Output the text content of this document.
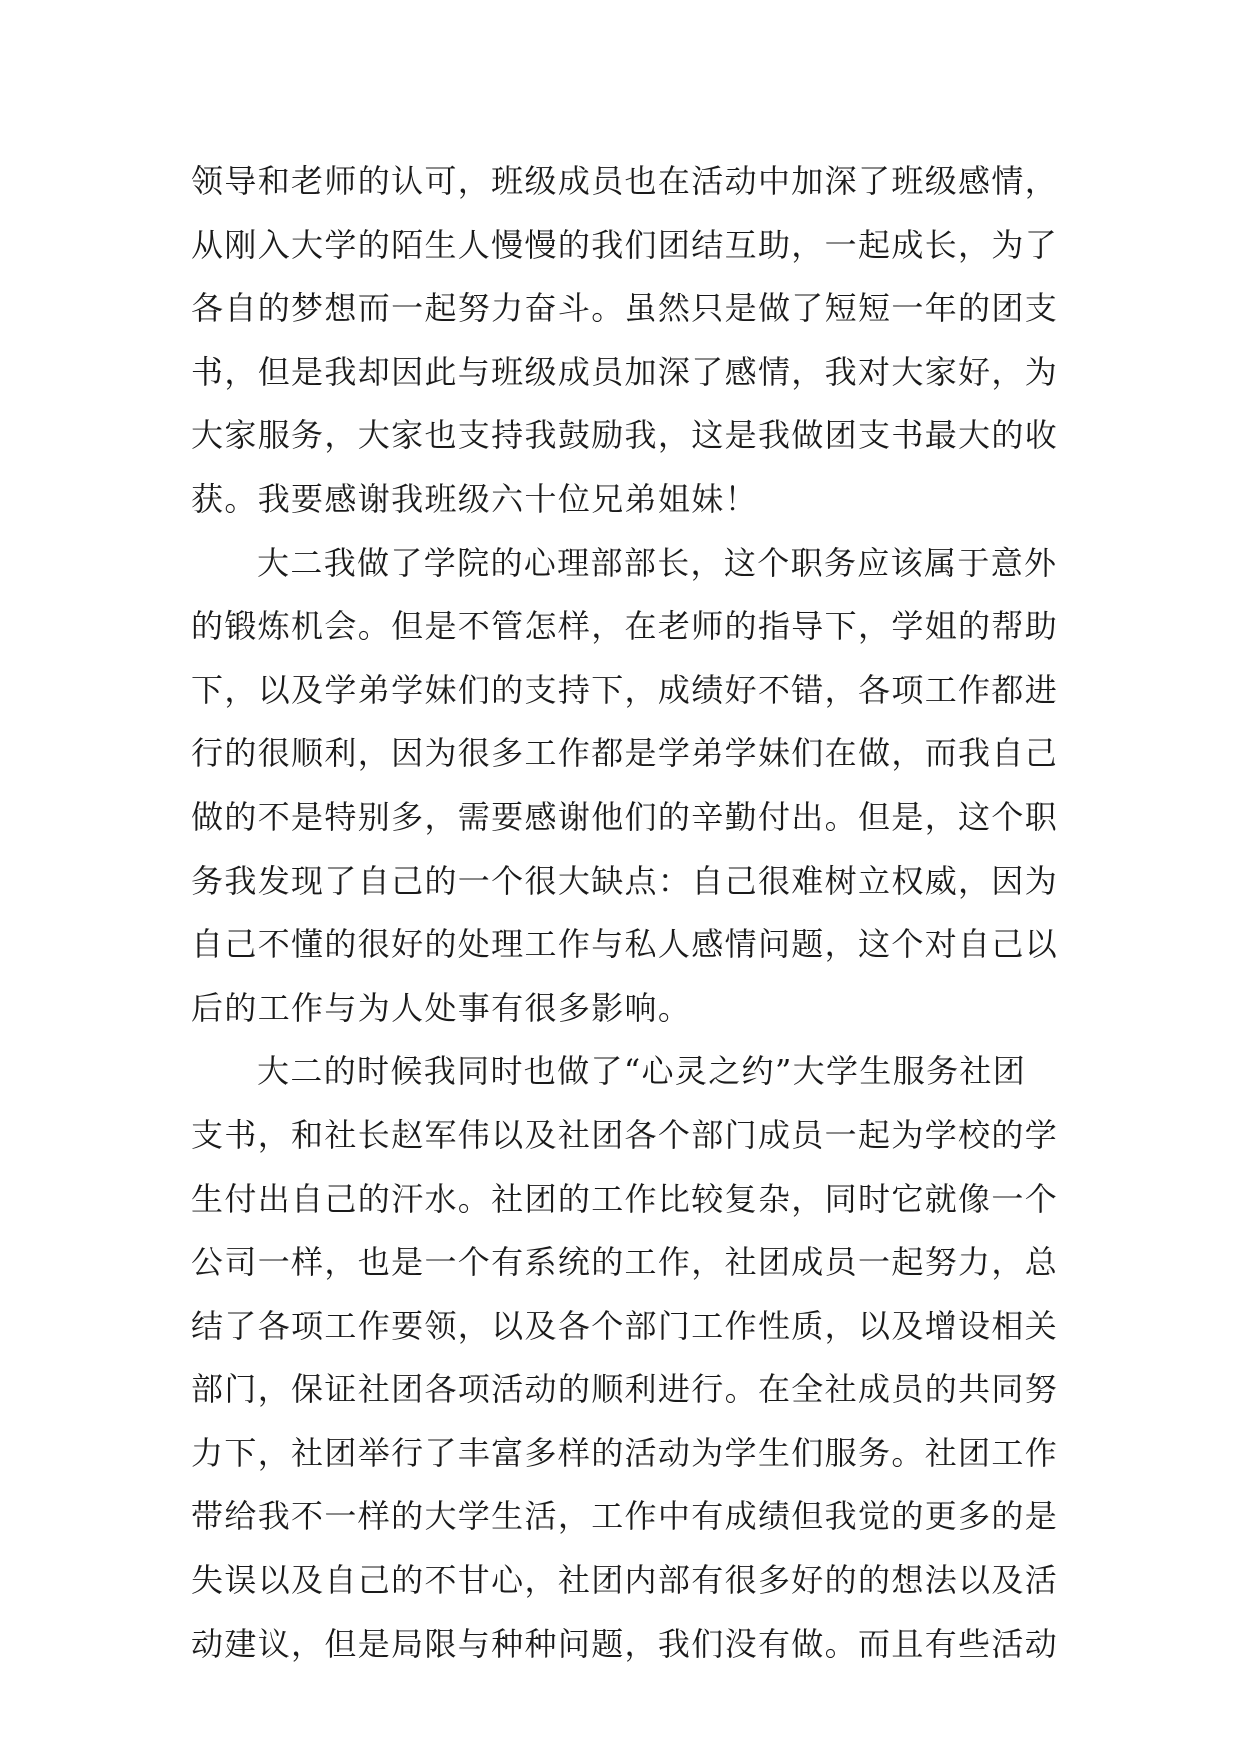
领导和老师的认可，班级成员也在活动中加深了班级感情，
从刚入大学的陌生人慢慢的我们团结互助，一起成长，为了
各自的梦想而一起努力奋斗。虽然只是做了短短一年的团支
书，但是我却因此与班级成员加深了感情，我对大家好，为
大家服务，大家也支持我鼓励我，这是我做团支书最大的收
获。我要感谢我班级六十位兄弟姐妹！
大二我做了学院的心理部部长，这个职务应该属于意外
的锻炼机会。但是不管怎样，在老师的指导下，学姐的帮助
下，以及学弟学妹们的支持下，成绩好不错，各项工作都进
行的很顺利，因为很多工作都是学弟学妹们在做，而我自己
做的不是特别多，需要感谢他们的辛勤付出。但是，这个职
务我发现了自己的一个很大缺点：自己很难树立权威，因为
自己不懂的很好的处理工作与私人感情问题，这个对自己以
后的工作与为人处事有很多影响。
大二的时候我同时也做了“心灵之约”大学生服务社团
支书，和社长赵军伟以及社团各个部门成员一起为学校的学
生付出自己的汗水。社团的工作比较复杂，同时它就像一个
公司一样，也是一个有系统的工作，社团成员一起努力，总
结了各项工作要领，以及各个部门工作性质，以及增设相关
部门，保证社团各项活动的顺利进行。在全社成员的共同努
力下，社团举行了丰富多样的活动为学生们服务。社团工作
带给我不一样的大学生活，工作中有成绩但我觉的更多的是
失误以及自己的不甘心，社团内部有很多好的的想法以及活
动建议，但是局限与种种问题，我们没有做。而且有些活动
